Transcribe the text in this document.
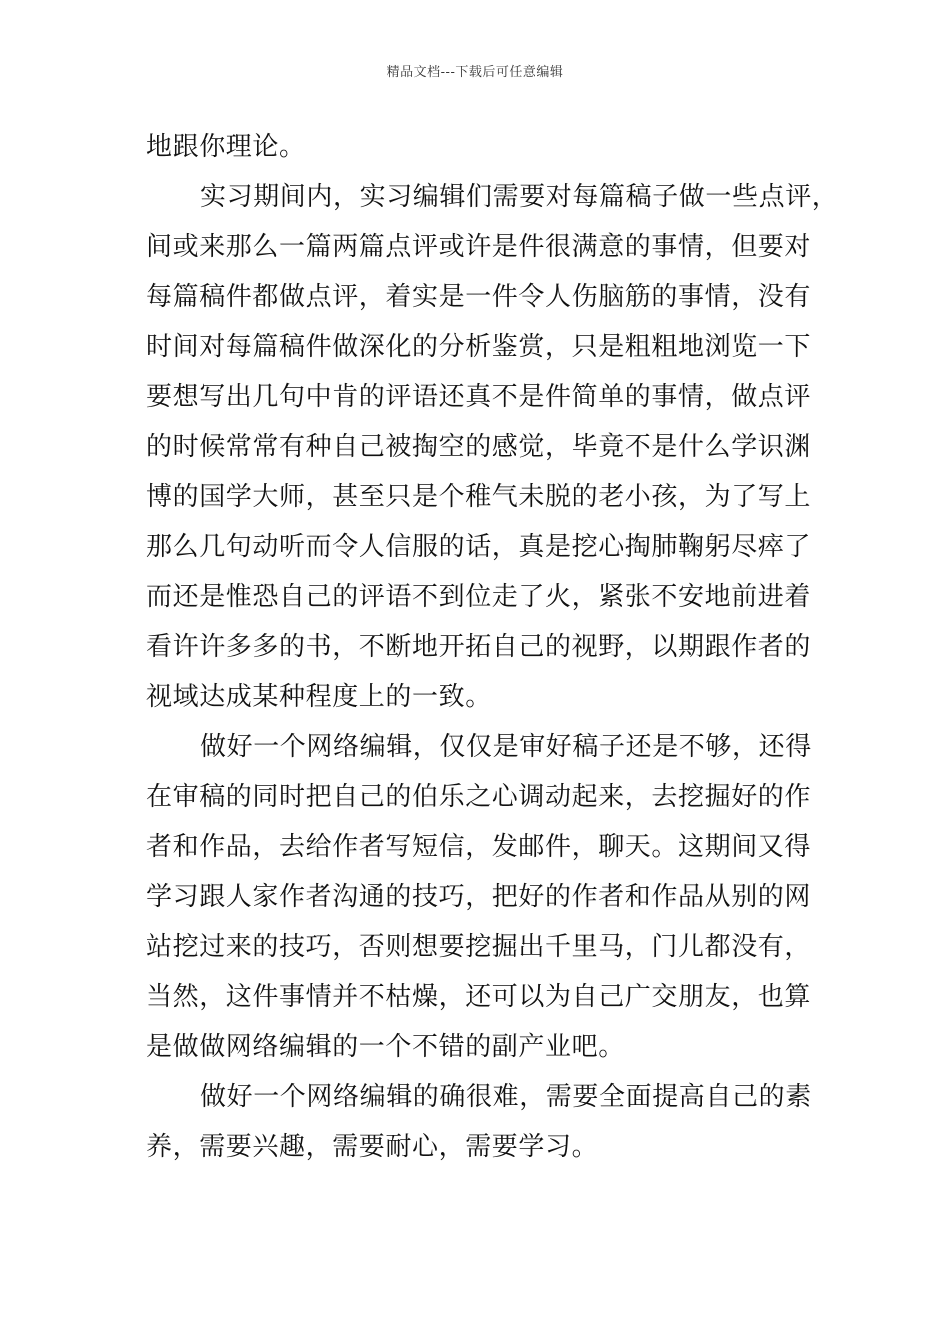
精品文档---下载后可任意编辑

地跟你理论。

实习期间内，实习编辑们需要对每篇稿子做一些点评，

间或来那么一篇两篇点评或许是件很满意的事情，但要对

每篇稿件都做点评，着实是一件令人伤脑筋的事情，没有

时间对每篇稿件做深化的分析鉴赏，只是粗粗地浏览一下

要想写出几句中肯的评语还真不是件简单的事情，做点评

的时候常常有种自己被掏空的感觉，毕竟不是什么学识渊

博的国学大师，甚至只是个稚气未脱的老小孩，为了写上

那么几句动听而令人信服的话，真是挖心掏肺鞠躬尽瘁了

而还是惟恐自己的评语不到位走了火，紧张不安地前进着

看许许多多的书，不断地开拓自己的视野，以期跟作者的

视域达成某种程度上的一致。

做好一个网络编辑，仅仅是审好稿子还是不够，还得

在审稿的同时把自己的伯乐之心调动起来，去挖掘好的作

者和作品，去给作者写短信，发邮件，聊天。这期间又得

学习跟人家作者沟通的技巧，把好的作者和作品从别的网

站挖过来的技巧，否则想要挖掘出千里马，门儿都没有，

当然，这件事情并不枯燥，还可以为自己广交朋友，也算

是做做网络编辑的一个不错的副产业吧。

做好一个网络编辑的确很难，需要全面提高自己的素

养，需要兴趣，需要耐心，需要学习。
